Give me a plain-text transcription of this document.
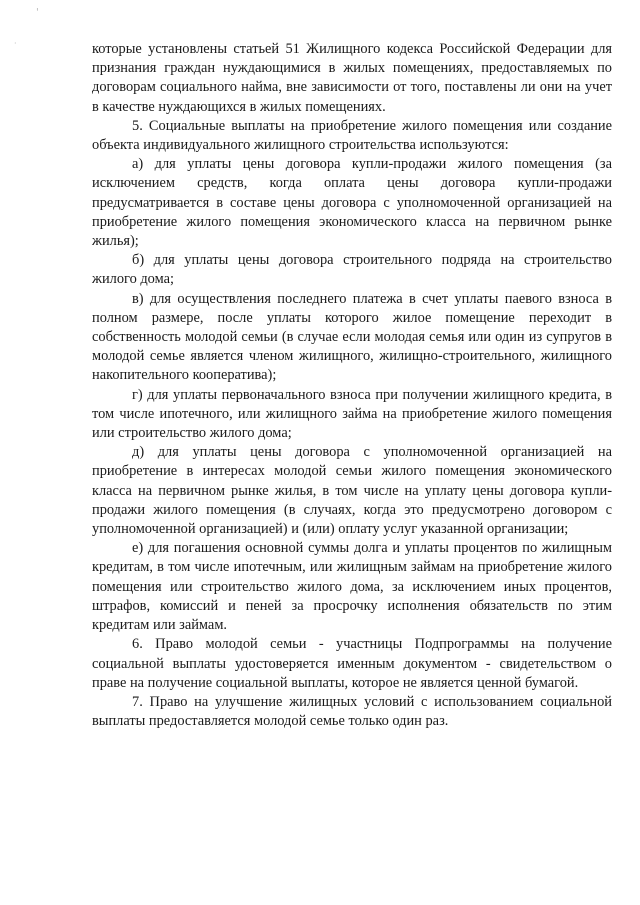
'
·	которые установлены статьей 51 Жилищного кодекса Российской Федерации для признания граждан нуждающимися в жилых помещениях, предоставляемых по договорам социального найма, вне зависимости от того, поставлены ли они на учет в качестве нуждающихся в жилых помещениях.

5. Социальные выплаты на приобретение жилого помещения или создание объекта индивидуального жилищного строительства используются:

а) для уплаты цены договора купли-продажи жилого помещения (за исключением средств, когда оплата цены договора купли-продажи предусматривается в составе цены договора с уполномоченной организацией на приобретение жилого помещения экономического класса на первичном рынке жилья);

б) для уплаты цены договора строительного подряда на строительство жилого дома;

в) для осуществления последнего платежа в счет уплаты паевого взноса в полном размере, после уплаты которого жилое помещение переходит в собственность молодой семьи (в случае если молодая семья или один из супругов в молодой семье является членом жилищного, жилищно-строительного, жилищного накопительного кооператива);

г) для уплаты первоначального взноса при получении жилищного кредита, в том числе ипотечного, или жилищного займа на приобретение жилого помещения или строительство жилого дома;

д) для уплаты цены договора с уполномоченной организацией на приобретение в интересах молодой семьи жилого помещения экономического класса на первичном рынке жилья, в том числе на уплату цены договора купли-продажи жилого помещения (в случаях, когда это предусмотрено договором с уполномоченной организацией) и (или) оплату услуг указанной организации;

е) для погашения основной суммы долга и уплаты процентов по жилищным кредитам, в том числе ипотечным, или жилищным займам на приобретение жилого помещения или строительство жилого дома, за исключением иных процентов, штрафов, комиссий и пеней за просрочку исполнения обязательств по этим кредитам или займам.

6. Право молодой семьи - участницы Подпрограммы на получение социальной выплаты удостоверяется именным документом - свидетельством о праве на получение социальной выплаты, которое не является ценной бумагой.

7. Право на улучшение жилищных условий с использованием социальной выплаты предоставляется молодой семье только один раз.
